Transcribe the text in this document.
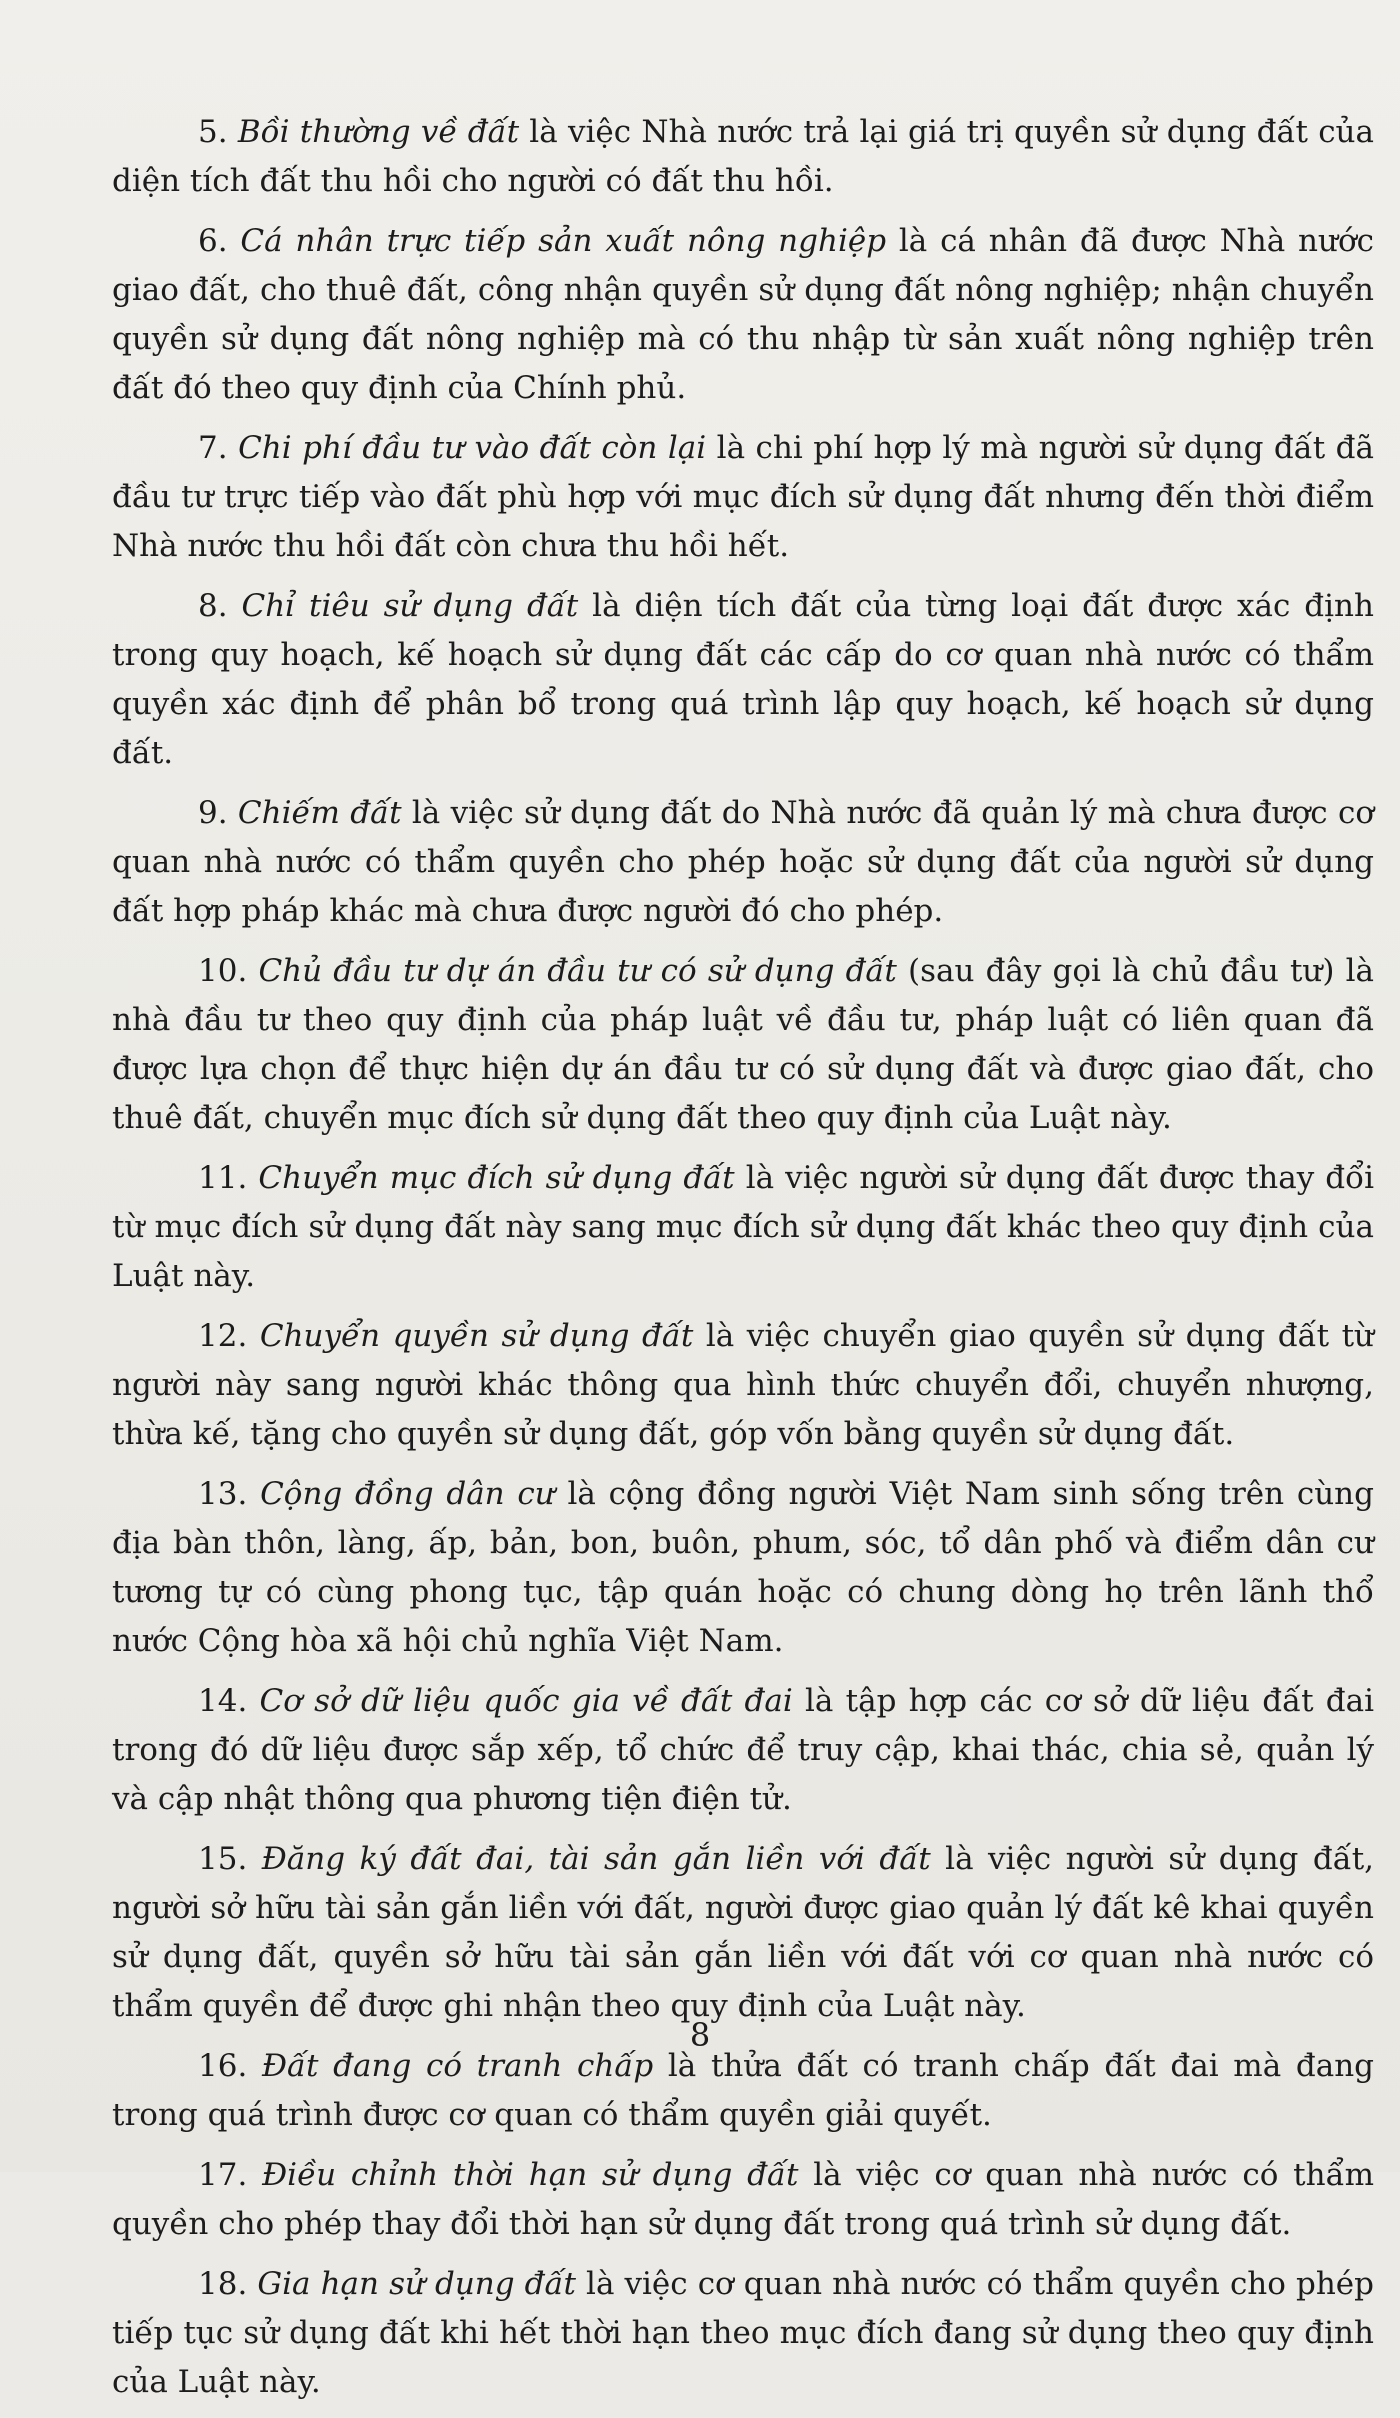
5. Bồi thường về đất là việc Nhà nước trả lại giá trị quyền sử dụng đất của diện tích đất thu hồi cho người có đất thu hồi.

6. Cá nhân trực tiếp sản xuất nông nghiệp là cá nhân đã được Nhà nước giao đất, cho thuê đất, công nhận quyền sử dụng đất nông nghiệp; nhận chuyển quyền sử dụng đất nông nghiệp mà có thu nhập từ sản xuất nông nghiệp trên đất đó theo quy định của Chính phủ.

7. Chi phí đầu tư vào đất còn lại là chi phí hợp lý mà người sử dụng đất đã đầu tư trực tiếp vào đất phù hợp với mục đích sử dụng đất nhưng đến thời điểm Nhà nước thu hồi đất còn chưa thu hồi hết.

8. Chỉ tiêu sử dụng đất là diện tích đất của từng loại đất được xác định trong quy hoạch, kế hoạch sử dụng đất các cấp do cơ quan nhà nước có thẩm quyền xác định để phân bổ trong quá trình lập quy hoạch, kế hoạch sử dụng đất.

9. Chiếm đất là việc sử dụng đất do Nhà nước đã quản lý mà chưa được cơ quan nhà nước có thẩm quyền cho phép hoặc sử dụng đất của người sử dụng đất hợp pháp khác mà chưa được người đó cho phép.

10. Chủ đầu tư dự án đầu tư có sử dụng đất (sau đây gọi là chủ đầu tư) là nhà đầu tư theo quy định của pháp luật về đầu tư, pháp luật có liên quan đã được lựa chọn để thực hiện dự án đầu tư có sử dụng đất và được giao đất, cho thuê đất, chuyển mục đích sử dụng đất theo quy định của Luật này.

11. Chuyển mục đích sử dụng đất là việc người sử dụng đất được thay đổi từ mục đích sử dụng đất này sang mục đích sử dụng đất khác theo quy định của Luật này.

12. Chuyển quyền sử dụng đất là việc chuyển giao quyền sử dụng đất từ người này sang người khác thông qua hình thức chuyển đổi, chuyển nhượng, thừa kế, tặng cho quyền sử dụng đất, góp vốn bằng quyền sử dụng đất.

13. Cộng đồng dân cư là cộng đồng người Việt Nam sinh sống trên cùng địa bàn thôn, làng, ấp, bản, bon, buôn, phum, sóc, tổ dân phố và điểm dân cư tương tự có cùng phong tục, tập quán hoặc có chung dòng họ trên lãnh thổ nước Cộng hòa xã hội chủ nghĩa Việt Nam.

14. Cơ sở dữ liệu quốc gia về đất đai là tập hợp các cơ sở dữ liệu đất đai trong đó dữ liệu được sắp xếp, tổ chức để truy cập, khai thác, chia sẻ, quản lý và cập nhật thông qua phương tiện điện tử.

15. Đăng ký đất đai, tài sản gắn liền với đất là việc người sử dụng đất, người sở hữu tài sản gắn liền với đất, người được giao quản lý đất kê khai quyền sử dụng đất, quyền sở hữu tài sản gắn liền với đất với cơ quan nhà nước có thẩm quyền để được ghi nhận theo quy định của Luật này.

16. Đất đang có tranh chấp là thửa đất có tranh chấp đất đai mà đang trong quá trình được cơ quan có thẩm quyền giải quyết.

17. Điều chỉnh thời hạn sử dụng đất là việc cơ quan nhà nước có thẩm quyền cho phép thay đổi thời hạn sử dụng đất trong quá trình sử dụng đất.

18. Gia hạn sử dụng đất là việc cơ quan nhà nước có thẩm quyền cho phép tiếp tục sử dụng đất khi hết thời hạn theo mục đích đang sử dụng theo quy định của Luật này.

8
